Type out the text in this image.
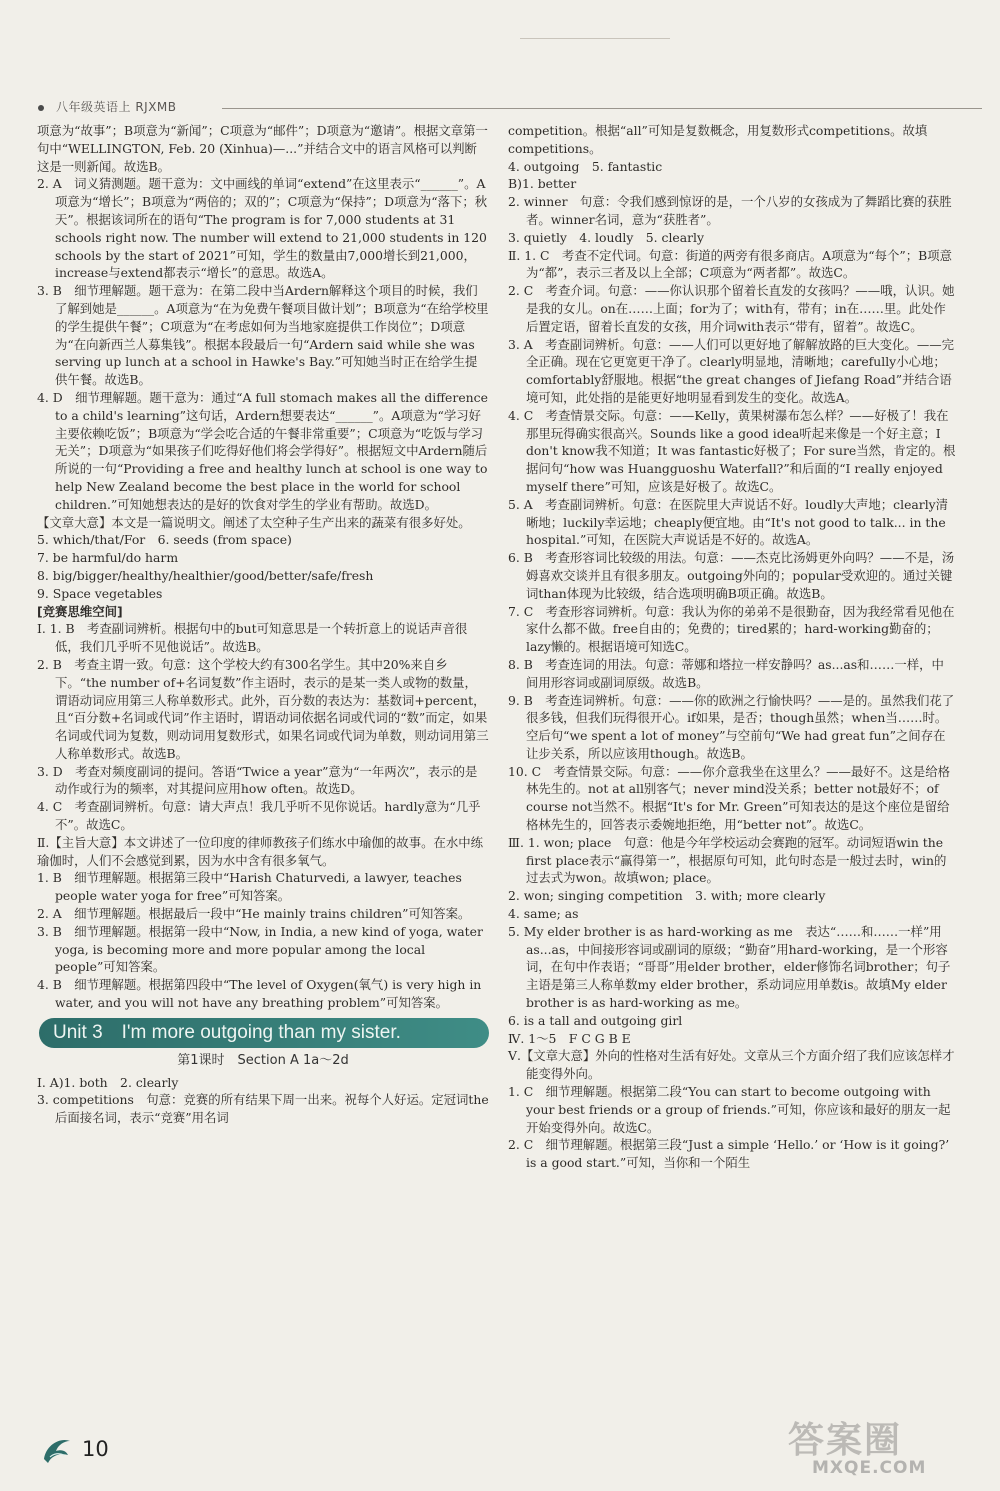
八年级英语上 RJXMB

项意为“故事”；B项意为“新闻”；C项意为“邮件”；D项意为“邀请”。根据文章第一句中“WELLINGTON, Feb. 20 (Xinhua)—...”并结合文中的语言风格可以判断这是一则新闻。故选B。

2. A　词义猜测题。题干意为：文中画线的单词“extend”在这里表示“______”。A项意为“增长”；B项意为“两倍的；双的”；C项意为“保持”；D项意为“落下；秋天”。根据该词所在的语句“The program is for 7,000 students at 31 schools right now. The number will extend to 21,000 students in 120 schools by the start of 2021”可知，学生的数量由7,000增长到21,000，increase与extend都表示“增长”的意思。故选A。

3. B　细节理解题。题干意为：在第二段中当Ardern解释这个项目的时候，我们了解到她是______。A项意为“在为免费午餐项目做计划”；B项意为“在给学校里的学生提供午餐”；C项意为“在考虑如何为当地家庭提供工作岗位”；D项意为“在向新西兰人募集钱”。根据本段最后一句“Ardern said while she was serving up lunch at a school in Hawke's Bay.”可知她当时正在给学生提供午餐。故选B。

4. D　细节理解题。题干意为：通过“A full stomach makes all the difference to a child's learning”这句话，Ardern想要表达“______”。A项意为“学习好主要依赖吃饭”；B项意为“学会吃合适的午餐非常重要”；C项意为“吃饭与学习无关”；D项意为“如果孩子们吃得好他们将会学得好”。根据短文中Ardern随后所说的一句“Providing a free and healthy lunch at school is one way to help New Zealand become the best place in the world for school children.”可知她想表达的是好的饮食对学生的学业有帮助。故选D。

【文章大意】本文是一篇说明文。阐述了太空种子生产出来的蔬菜有很多好处。

5. which/that/For　6. seeds (from space)

7. be harmful/do harm

8. big/bigger/healthy/healthier/good/better/safe/fresh

9. Space vegetables

[竞赛思维空间]

Ⅰ. 1. B　考查副词辨析。根据句中的but可知意思是一个转折意上的说话声音很低，我们几乎听不见他说话”。故选B。

2. B　考查主谓一致。句意：这个学校大约有300名学生。其中20%来自乡下。“the number of+名词复数”作主语时，表示的是某一类人或物的数量，谓语动词应用第三人称单数形式。此外，百分数的表达为：基数词+percent，且“百分数+名词或代词”作主语时，谓语动词依据名词或代词的“数”而定，如果名词或代词为复数，则动词用复数形式，如果名词或代词为单数，则动词用第三人称单数形式。故选B。

3. D　考查对频度副词的提问。答语“Twice a year”意为“一年两次”，表示的是动作或行为的频率，对其提问应用how often。故选D。

4. C　考查副词辨析。句意：请大声点！我几乎听不见你说话。hardly意为“几乎不”。故选C。

Ⅱ.【主旨大意】本文讲述了一位印度的律师教孩子们练水中瑜伽的故事。在水中练瑜伽时，人们不会感觉到累，因为水中含有很多氧气。

1. B　细节理解题。根据第三段中“Harish Chaturvedi, a lawyer, teaches people water yoga for free”可知答案。

2. A　细节理解题。根据最后一段中“He mainly trains children”可知答案。

3. B　细节理解题。根据第一段中“Now, in India, a new kind of yoga, water yoga, is becoming more and more popular among the local people”可知答案。

4. B　细节理解题。根据第四段中“The level of Oxygen(氧气) is very high in water, and you will not have any breathing problem”可知答案。

Unit 3　I'm more outgoing than my sister.
第1课时　Section A 1a～2d

Ⅰ. A)1. both　2. clearly

3. competitions　句意：竞赛的所有结果下周一出来。祝每个人好运。定冠词the后面接名词，表示“竞赛”用名词

competition。根据“all”可知是复数概念，用复数形式competitions。故填competitions。

4. outgoing　5. fantastic

B)1. better

2. winner　句意：令我们感到惊讶的是，一个八岁的女孩成为了舞蹈比赛的获胜者。winner名词，意为“获胜者”。

3. quietly　4. loudly　5. clearly

Ⅱ. 1. C　考查不定代词。句意：街道的两旁有很多商店。A项意为“每个”；B项意为“都”，表示三者及以上全部；C项意为“两者都”。故选C。

2. C　考查介词。句意：——你认识那个留着长直发的女孩吗？——哦，认识。她是我的女儿。on在……上面；for为了；with有，带有；in在……里。此处作后置定语，留着长直发的女孩，用介词with表示“带有，留着”。故选C。

3. A　考查副词辨析。句意：——人们可以更好地了解解放路的巨大变化。——完全正确。现在它更宽更干净了。clearly明显地，清晰地；carefully小心地；comfortably舒服地。根据“the great changes of Jiefang Road”并结合语境可知，此处指的是能更好地明显看到发生的变化。故选A。

4. C　考查情景交际。句意：——Kelly，黄果树瀑布怎么样？——好极了！我在那里玩得确实很高兴。Sounds like a good idea听起来像是一个好主意；I don't know我不知道；It was fantastic好极了；For sure当然，肯定的。根据问句“how was Huangguoshu Waterfall?”和后面的“I really enjoyed myself there”可知，应该是好极了。故选C。

5. A　考查副词辨析。句意：在医院里大声说话不好。loudly大声地；clearly清晰地；luckily幸运地；cheaply便宜地。由“It's not good to talk... in the hospital.”可知，在医院大声说话是不好的。故选A。

6. B　考查形容词比较级的用法。句意：——杰克比汤姆更外向吗？——不是，汤姆喜欢交谈并且有很多朋友。outgoing外向的；popular受欢迎的。通过关键词than体现为比较级，结合选项明确B项正确。故选B。

7. C　考查形容词辨析。句意：我认为你的弟弟不是很勤奋，因为我经常看见他在家什么都不做。free自由的；免费的；tired累的；hard-working勤奋的；lazy懒的。根据语境可知选C。

8. B　考查连词的用法。句意：蒂娜和塔拉一样安静吗？as...as和……一样，中间用形容词或副词原级。故选B。

9. B　考查连词辨析。句意：——你的欧洲之行愉快吗？——是的。虽然我们花了很多钱，但我们玩得很开心。if如果，是否；though虽然；when当……时。空后句“we spent a lot of money”与空前句“We had great fun”之间存在让步关系，所以应该用though。故选B。

10. C　考查情景交际。句意：——你介意我坐在这里么？——最好不。这是给格林先生的。not at all别客气；never mind没关系；better not最好不；of course not当然不。根据“It's for Mr. Green”可知表达的是这个座位是留给格林先生的，回答表示委婉地拒绝，用“better not”。故选C。

Ⅲ. 1. won; place　句意：他是今年学校运动会赛跑的冠军。动词短语win the first place表示“赢得第一”，根据原句可知，此句时态是一般过去时，win的过去式为won。故填won; place。

2. won; singing competition　3. with; more clearly

4. same; as

5. My elder brother is as hard-working as me　表达“……和……一样”用as...as，中间接形容词或副词的原级；“勤奋”用hard-working，是一个形容词，在句中作表语；“哥哥”用elder brother，elder修饰名词brother；句子主语是第三人称单数my elder brother，系动词应用单数is。故填My elder brother is as hard-working as me。

6. is a tall and outgoing girl

Ⅳ. 1～5　F C G B E

Ⅴ.【文章大意】外向的性格对生活有好处。文章从三个方面介绍了我们应该怎样才能变得外向。

1. C　细节理解题。根据第二段“You can start to become outgoing with your best friends or a group of friends.”可知，你应该和最好的朋友一起开始变得外向。故选C。

2. C　细节理解题。根据第三段“Just a simple ‘Hello.’ or ‘How is it going?’ is a good start.”可知，当你和一个陌生

10	答案圈
MXQE.COM
